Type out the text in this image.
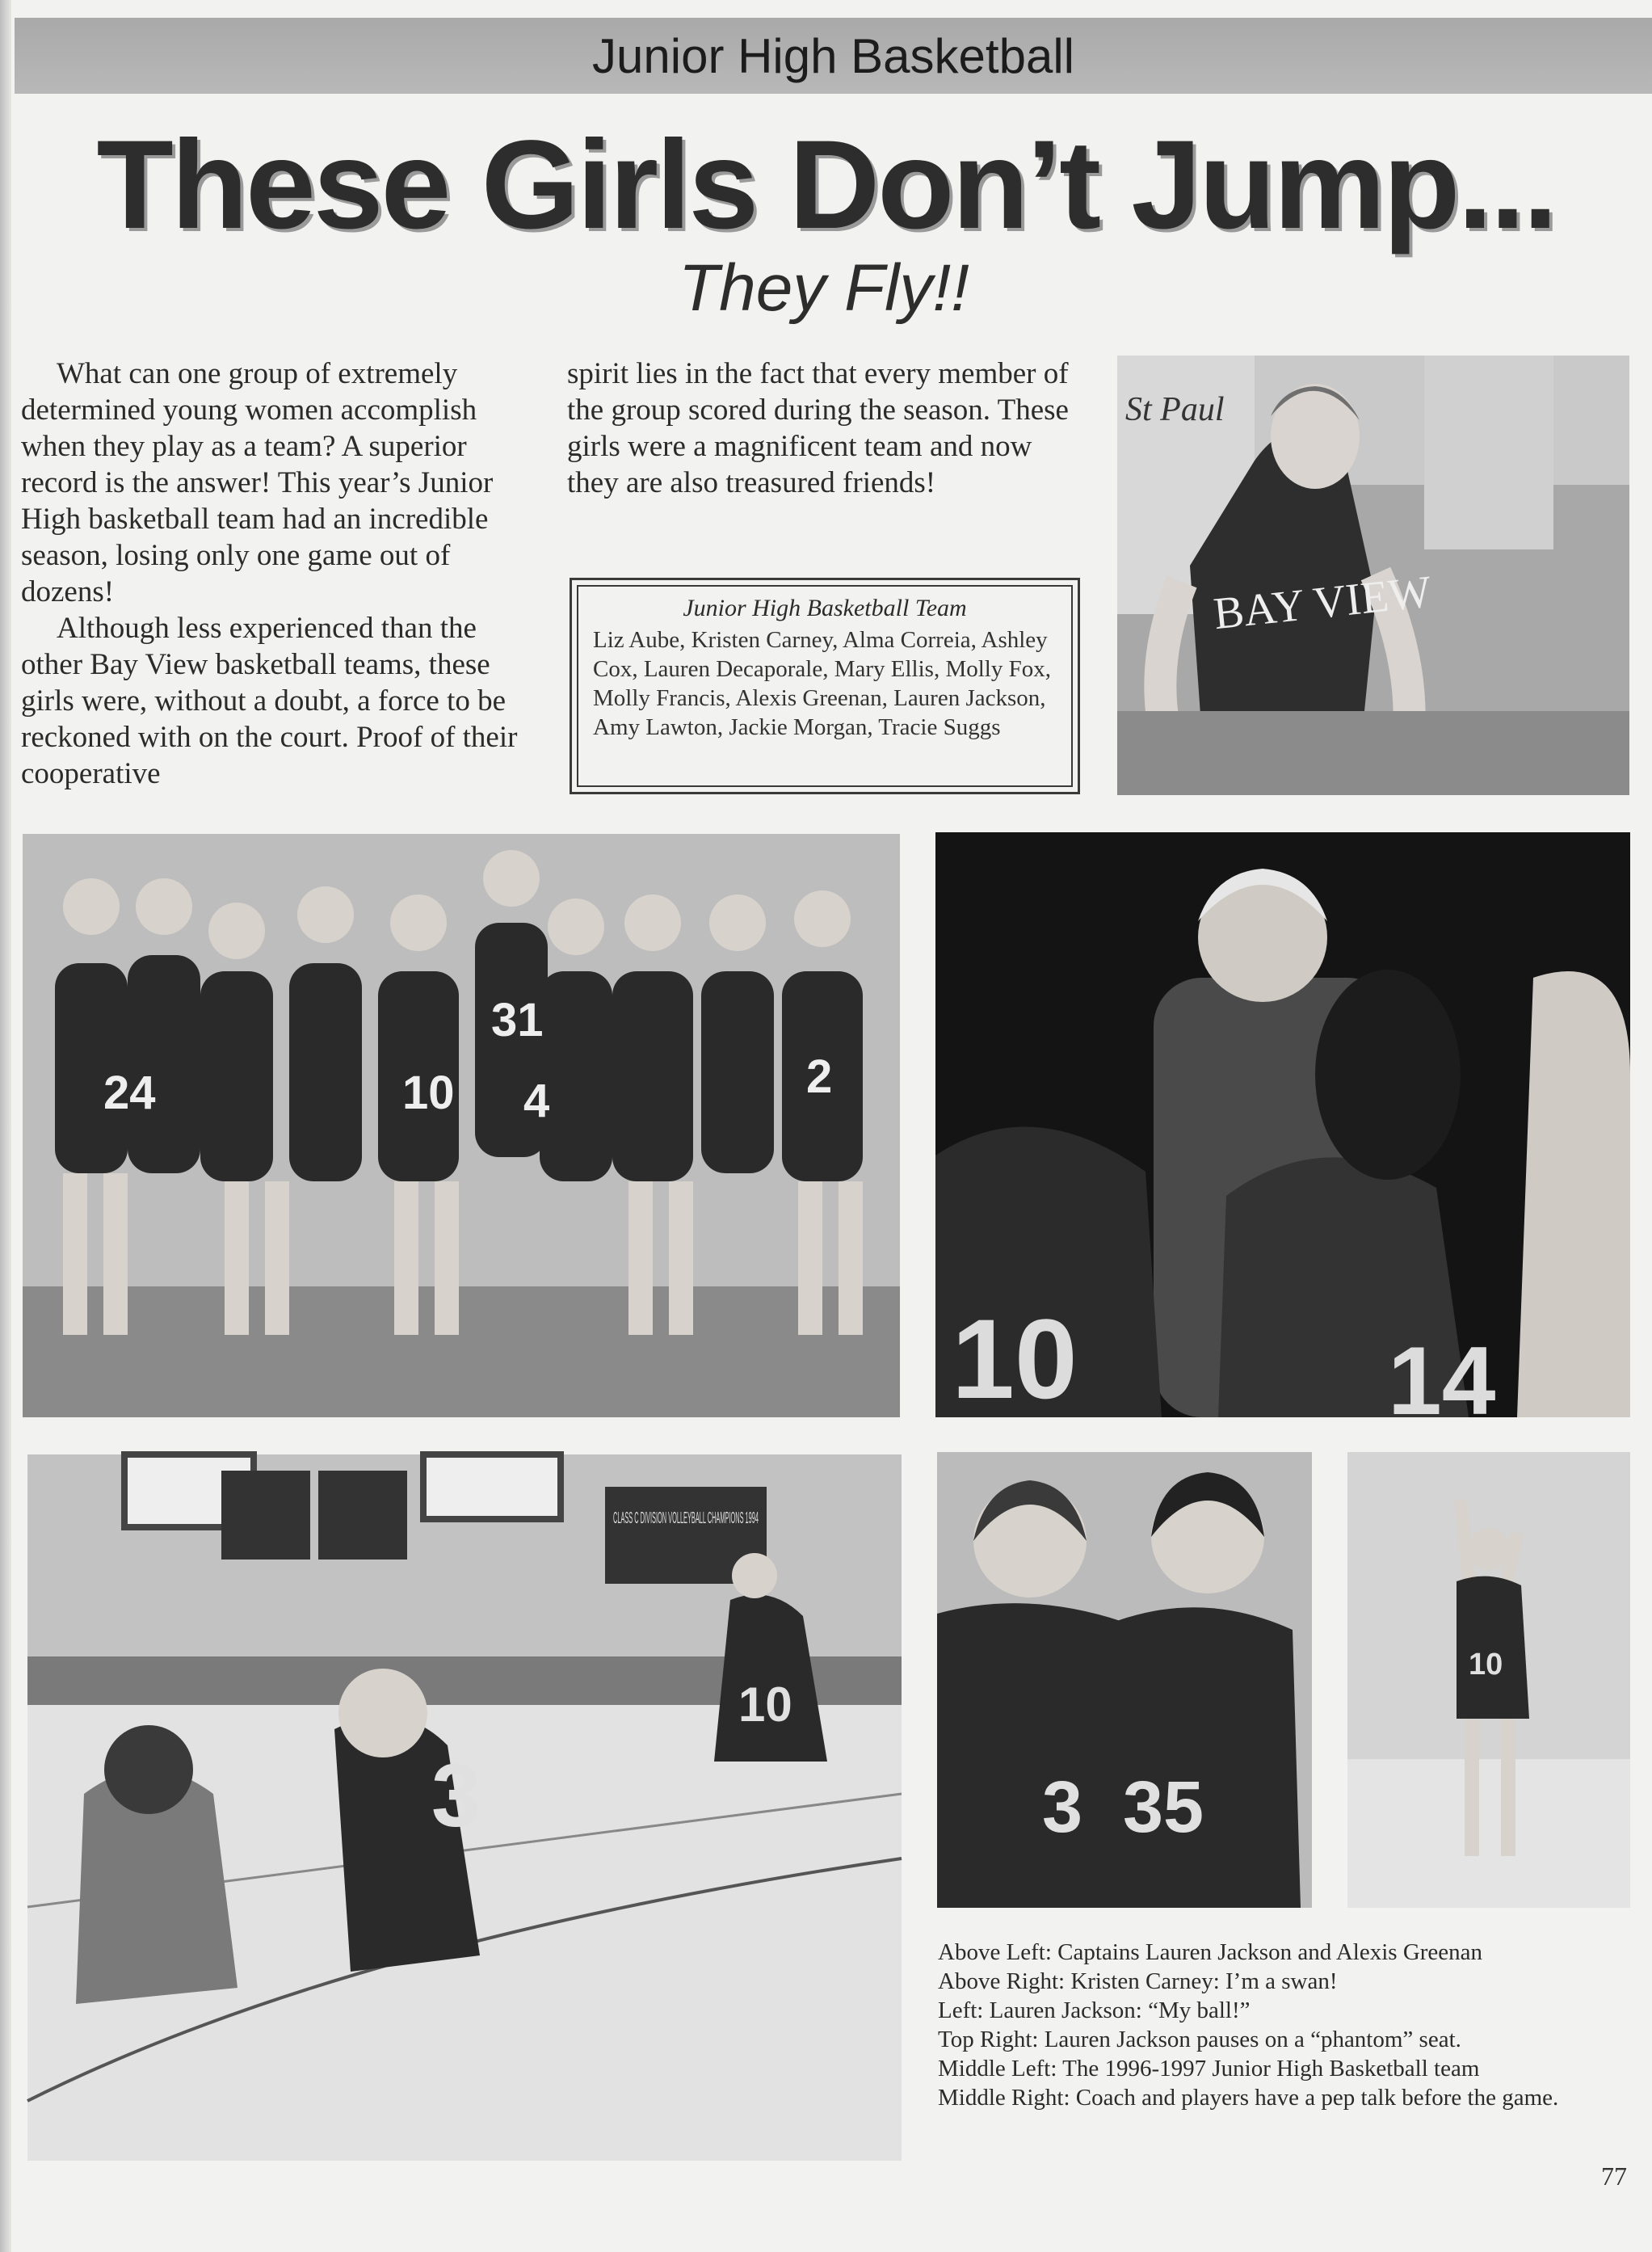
Junior High Basketball
These Girls Don’t Jump...
They Fly!!

What can one group of extremely determined young women accomplish when they play as a team? A superior record is the answer! This year’s Junior High basketball team had an incredible season, losing only one game out of dozens!

Although less experienced than the other Bay View basketball teams, these girls were, without a doubt, a force to be reckoned with on the court. Proof of their cooperative

spirit lies in the fact that every member of the group scored during the season. These girls were a magnificent team and now they are also treasured friends!
Junior High Basketball Team
Liz Aube, Kristen Carney, Alma Correia, Ashley Cox, Lauren Decaporale, Mary Ellis, Molly Fox, Molly Francis, Alexis Greenan, Lauren Jackson, Amy Lawton, Jackie Morgan, Tracie Suggs
BAY VIEW
St Paul
24	10
31
4	2
10	14
CLASS C DIVISION VOLLEYBALL CHAMPIONS 1994
3
10
3 35
10
Above Left: Captains Lauren Jackson and Alexis Greenan
Above Right: Kristen Carney: I’m a swan!
Left: Lauren Jackson: “My ball!”
Top Right: Lauren Jackson pauses on a “phantom” seat.
Middle Left: The 1996-1997 Junior High Basketball team
Middle Right: Coach and players have a pep talk before the game.
77
